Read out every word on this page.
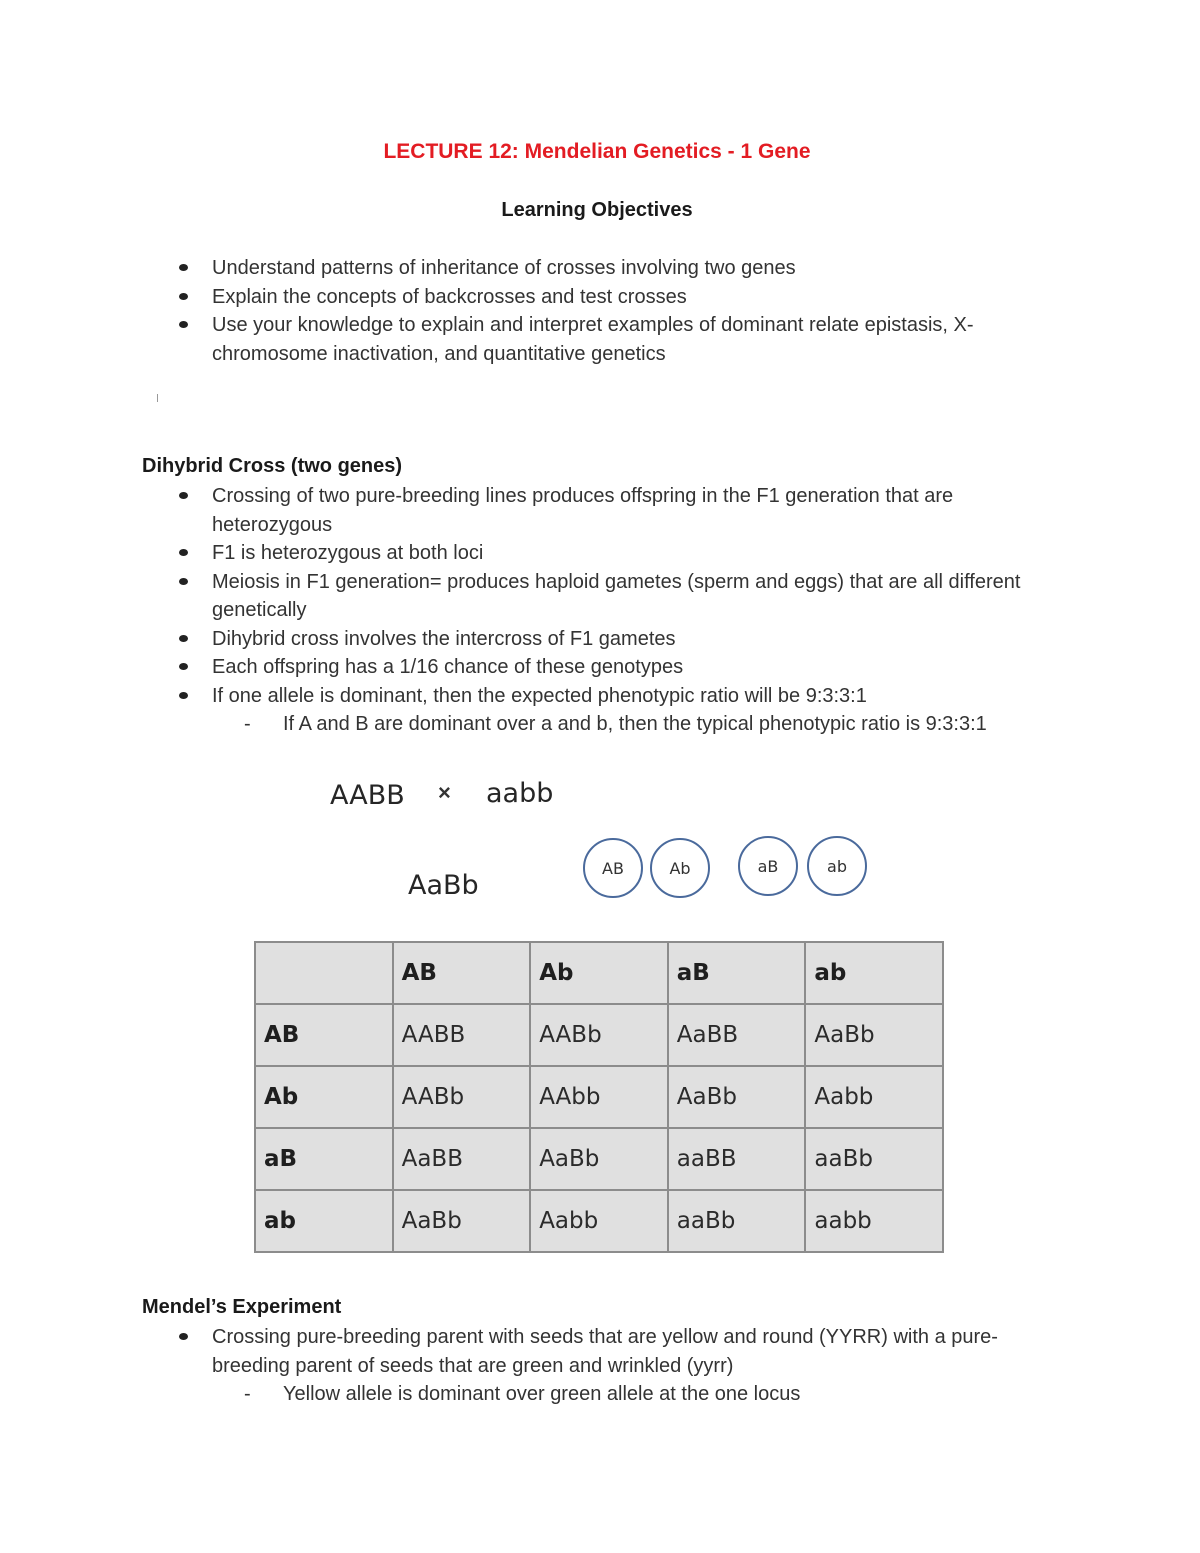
LECTURE 12: Mendelian Genetics - 1 Gene
Learning Objectives
Understand patterns of inheritance of crosses involving two genes
Explain the concepts of backcrosses and test crosses
Use your knowledge to explain and interpret examples of dominant relate epistasis, X-chromosome inactivation, and quantitative genetics
Dihybrid Cross (two genes)
Crossing of two pure-breeding lines produces offspring in the F1 generation that are heterozygous
F1 is heterozygous at both loci
Meiosis in F1 generation= produces haploid gametes (sperm and eggs) that are all different genetically
Dihybrid cross involves the intercross of F1 gametes
Each offspring has a 1/16 chance of these genotypes
If one allele is dominant, then the expected phenotypic ratio will be 9:3:3:1
- If A and B are dominant over a and b, then the typical phenotypic ratio is 9:3:3:1
AABB × aabb
AaBb
AB	Ab	aB	ab
	AB	Ab	aB	ab
AB	AABB	AABb	AaBB	AaBb
Ab	AABb	AAbb	AaBb	Aabb
aB	AaBB	AaBb	aaBB	aaBb
ab	AaBb	Aabb	aaBb	aabb
Mendel’s Experiment
Crossing pure-breeding parent with seeds that are yellow and round (YYRR) with a pure-breeding parent of seeds that are green and wrinkled (yyrr)
- Yellow allele is dominant over green allele at the one locus
